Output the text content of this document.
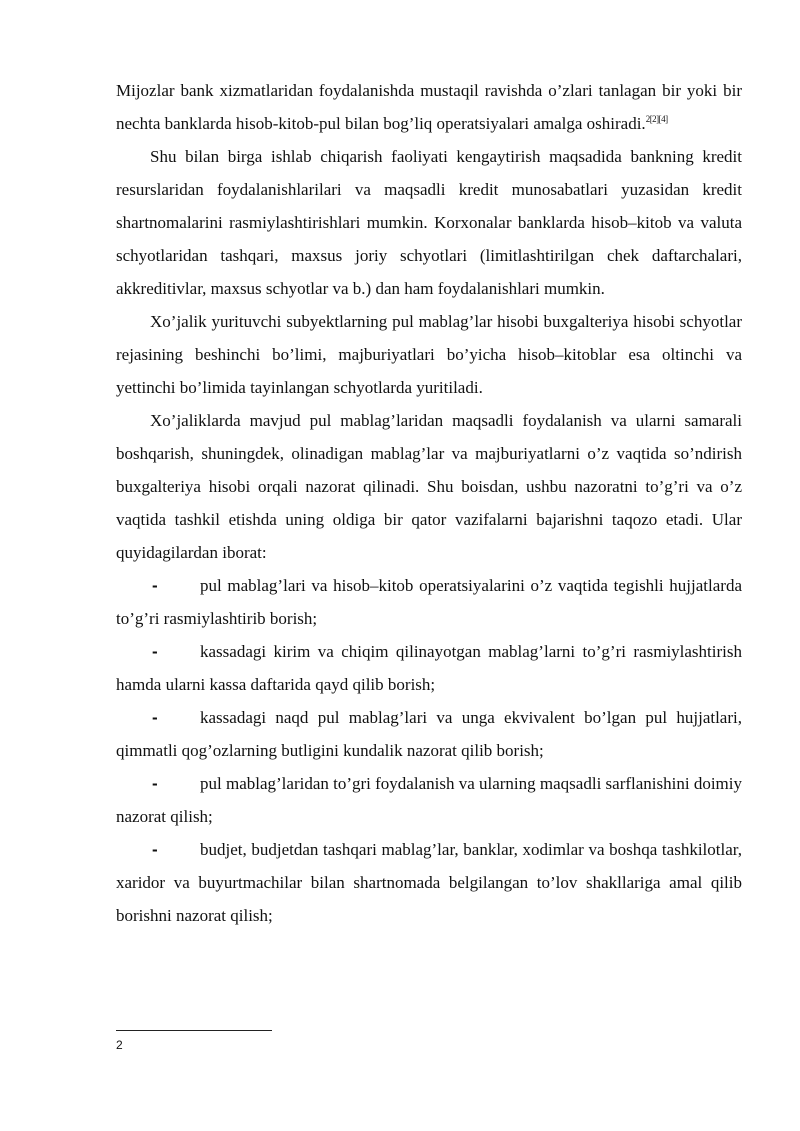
Mijozlar bank xizmatlaridan foydalanishda mustaqil ravishda o’zlari tanlagan bir yoki bir nechta banklarda hisob-kitob-pul bilan bog’liq operatsiyalari amalga oshiradi.$^{2[2][4]}$

Shu bilan birga ishlab chiqarish faoliyati kengaytirish maqsadida bankning kredit resurslaridan foydalanishlarilari va maqsadli kredit munosabatlari yuzasidan kredit shartnomalarini rasmiylashtirishlari mumkin. Korxonalar banklarda hisob–kitob va valuta schyotlaridan tashqari, maxsus joriy schyotlari (limitlashtirilgan chek daftarchalari, akkreditivlar, maxsus schyotlar va b.) dan ham foydalanishlari mumkin.

Xo’jalik yurituvchi subyektlarning pul mablag’lar hisobi buxgalteriya hisobi schyotlar rejasining beshinchi bo’limi, majburiyatlari bo’yicha hisob–kitoblar esa oltinchi va yettinchi bo’limida tayinlangan schyotlarda yuritiladi.

Xo’jaliklarda mavjud pul mablag’laridan maqsadli foydalanish va ularni samarali boshqarish, shuningdek, olinadigan mablag’lar va majburiyatlarni o’z vaqtida so’ndirish buxgalteriya hisobi orqali nazorat qilinadi. Shu boisdan, ushbu nazoratni to’g’ri va o’z vaqtida tashkil etishda uning oldiga bir qator vazifalarni bajarishni taqozo etadi. Ular quyidagilardan iborat:

- pul mablag’lari va hisob–kitob operatsiyalarini o’z vaqtida tegishli hujjatlarda to’g’ri rasmiylashtirib borish;

- kassadagi kirim va chiqim qilinayotgan mablag’larni to’g’ri rasmiylashtirish hamda ularni kassa daftarida qayd qilib borish;

- kassadagi naqd pul mablag’lari va unga ekvivalent bo’lgan pul hujjatlari, qimmatli qog’ozlarning butligini kundalik nazorat qilib borish;

- pul mablag’laridan to’gri foydalanish va ularning maqsadli sarflanishini doimiy nazorat qilish;

- budjet, budjetdan tashqari mablag’lar, banklar, xodimlar va boshqa tashkilotlar, xaridor va buyurtmachilar bilan shartnomada belgilangan to’lov shakllariga amal qilib borishni nazorat qilish;

2
